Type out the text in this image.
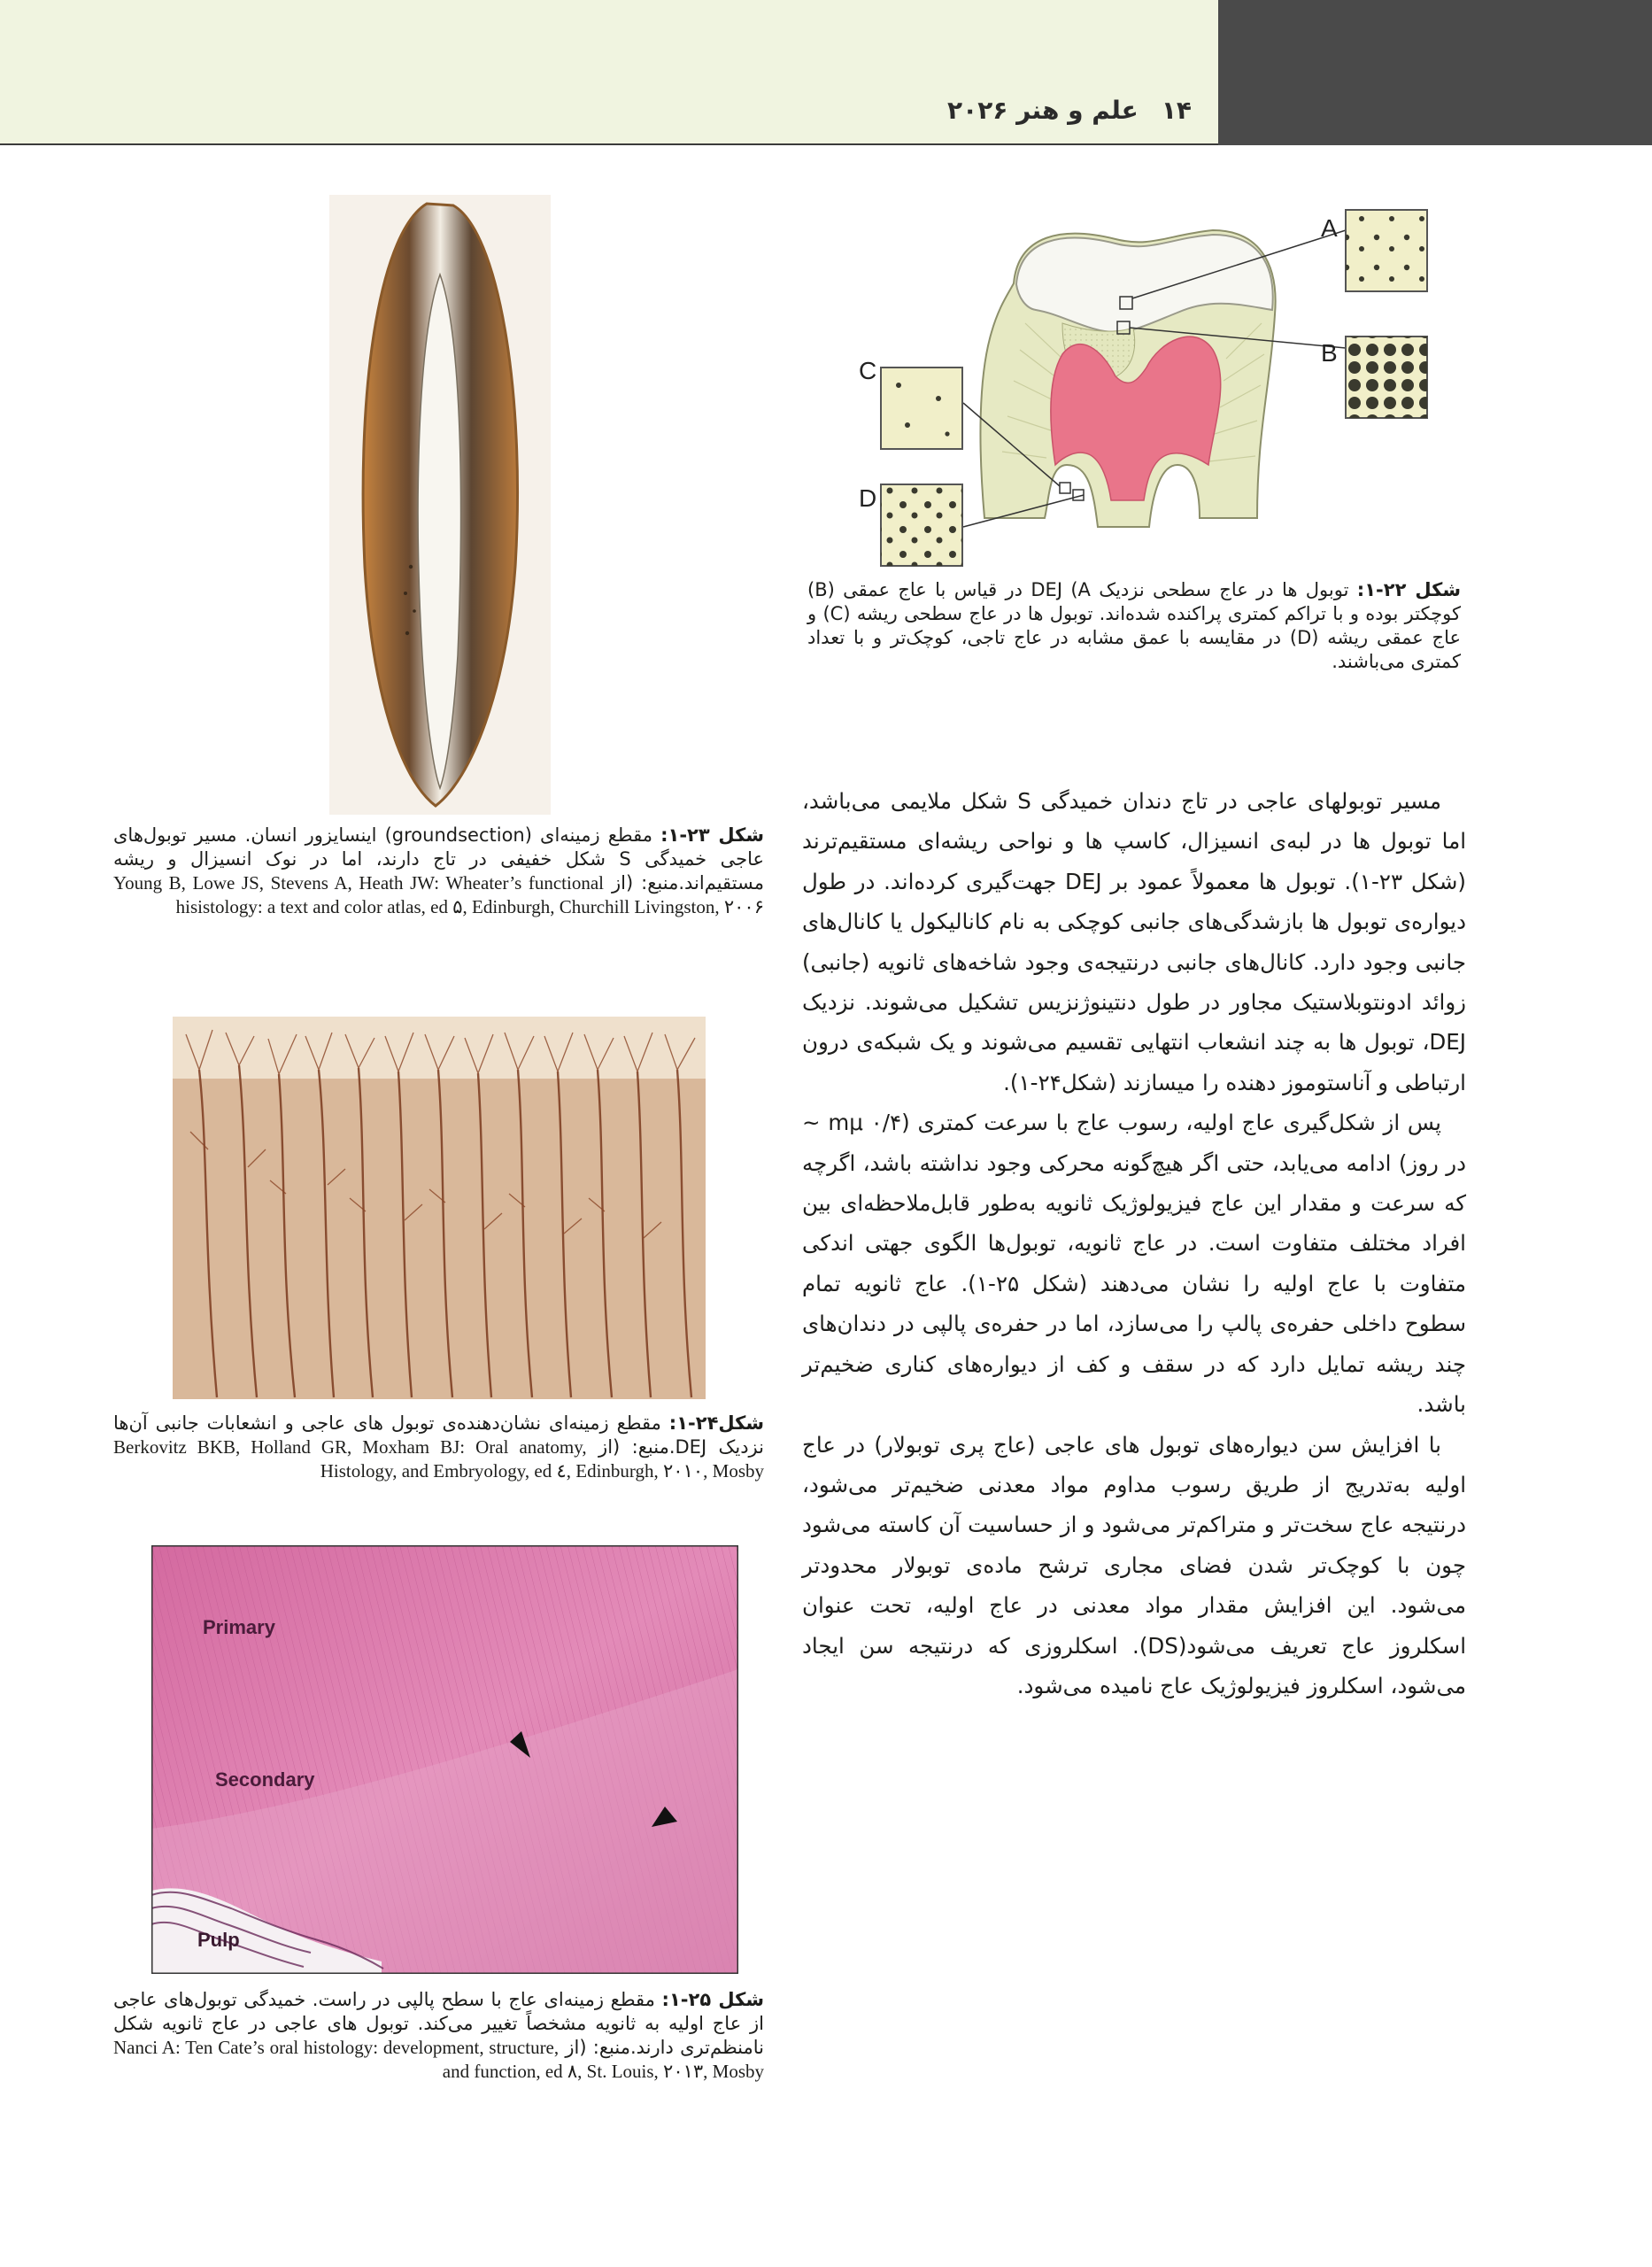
۱۴علم و هنر ۲۰۲۶
A
B
C
D
شکل ۲۲-۱: توبول ها در عاج سطحی نزدیک DEJ (A در قیاس با عاج عمقی (B) کوچکتر بوده و با تراکم کمتری پراکنده شده‌اند. توبول ها در عاج سطحی ریشه (C) و عاج عمقی ریشه (D) در مقایسه با عمق مشابه در عاج تاجی، کوچک‌تر و با تعداد کمتری می‌باشند.
شکل ۲۳-۱: مقطع زمینه‌ای (groundsection) اینسایزور انسان. مسیر توبول‌های عاجی خمیدگی S شکل خفیفی در تاج دارند، اما در نوک انسیزال و ریشه مستقیم‌اند.منبع: (از Young B, Lowe JS, Stevens A, Heath JW: Wheater’s functional hisistology: a text and color atlas, ed ۵, Edinburgh, Churchill Livingston, ۲۰۰۶
شکل۲۴-۱: مقطع زمینه‌ای نشان‌دهنده‌ی توبول های عاجی و انشعابات جانبی آن‌ها نزدیک DEJ.منبع: (از Berkovitz BKB, Holland GR, Moxham BJ: Oral anatomy, Histology, and Embryology, ed ٤, Edinburgh, ۲۰۱۰, Mosby
Primary
Secondary
Pulp
شکل ۲۵-۱: مقطع زمینه‌ای عاج با سطح پالپی در راست. خمیدگی توبول‌های عاجی از عاج اولیه به ثانویه مشخصاً تغییر می‌کند. توبول های عاجی در عاج ثانویه شکل نامنظم‌تری دارند.منبع: (از Nanci A: Ten Cate’s oral histology: development, structure, and function, ed ۸, St. Louis, ۲۰۱۳, Mosby

مسیر توبولهای عاجی در تاج دندان خمیدگی S شکل ملایمی می‌باشد، اما توبول ها در لبه‌ی انسیزال، کاسپ ها و نواحی ریشه‌ای مستقیم‌ترند (شکل ۲۳-۱). توبول ها معمولاً عمود بر DEJ جهت‌گیری کرده‌اند. در طول دیواره‌ی توبول ها بازشدگی‌های جانبی کوچکی به نام کانالیکول یا کانال‌های جانبی وجود دارد. کانال‌های جانبی درنتیجه‌ی وجود شاخه‌های ثانویه (جانبی) زوائد ادونتوبلاستیک مجاور در طول دنتینوژنزیس تشکیل می‌شوند. نزدیک DEJ، توبول ها به چند انشعاب انتهایی تقسیم می‌شوند و یک شبکه‌ی درون ارتباطی و آناستوموز دهنده را میسازند (شکل۲۴-۱).

پس از شکل‌گیری عاج اولیه، رسوب عاج با سرعت کمتری (mμ ۰/۴ ~ در روز) ادامه می‌یابد، حتی اگر هیچ‌گونه محرکی وجود نداشته باشد، اگرچه که سرعت و مقدار این عاج فیزیولوژیک ثانویه به‌طور قابل‌ملاحظه‌ای بین افراد مختلف متفاوت است. در عاج ثانویه، توبول‌ها الگوی جهتی اندکی متفاوت با عاج اولیه را نشان می‌دهند (شکل ۲۵-۱). عاج ثانویه تمام سطوح داخلی حفره‌ی پالپ را می‌سازد، اما در حفره‌ی پالپی در دندان‌های چند ریشه تمایل دارد که در سقف و کف از دیواره‌های کناری ضخیم‌تر باشد.

با افزایش سن دیواره‌های توبول های عاجی (عاج پری توبولار) در عاج اولیه به‌تدریج از طریق رسوب مداوم مواد معدنی ضخیم‌تر می‌شود، درنتیجه عاج سخت‌تر و متراکم‌تر می‌شود و از حساسیت آن کاسته می‌شود چون با کوچک‌تر شدن فضای مجاری ترشح ماده‌ی توبولار محدودتر می‌شود. این افزایش مقدار مواد معدنی در عاج اولیه، تحت عنوان اسکلروز عاج تعریف می‌شود(DS). اسکلروزی که درنتیجه سن ایجاد می‌شود، اسکلروز فیزیولوژیک عاج نامیده می‌شود.
